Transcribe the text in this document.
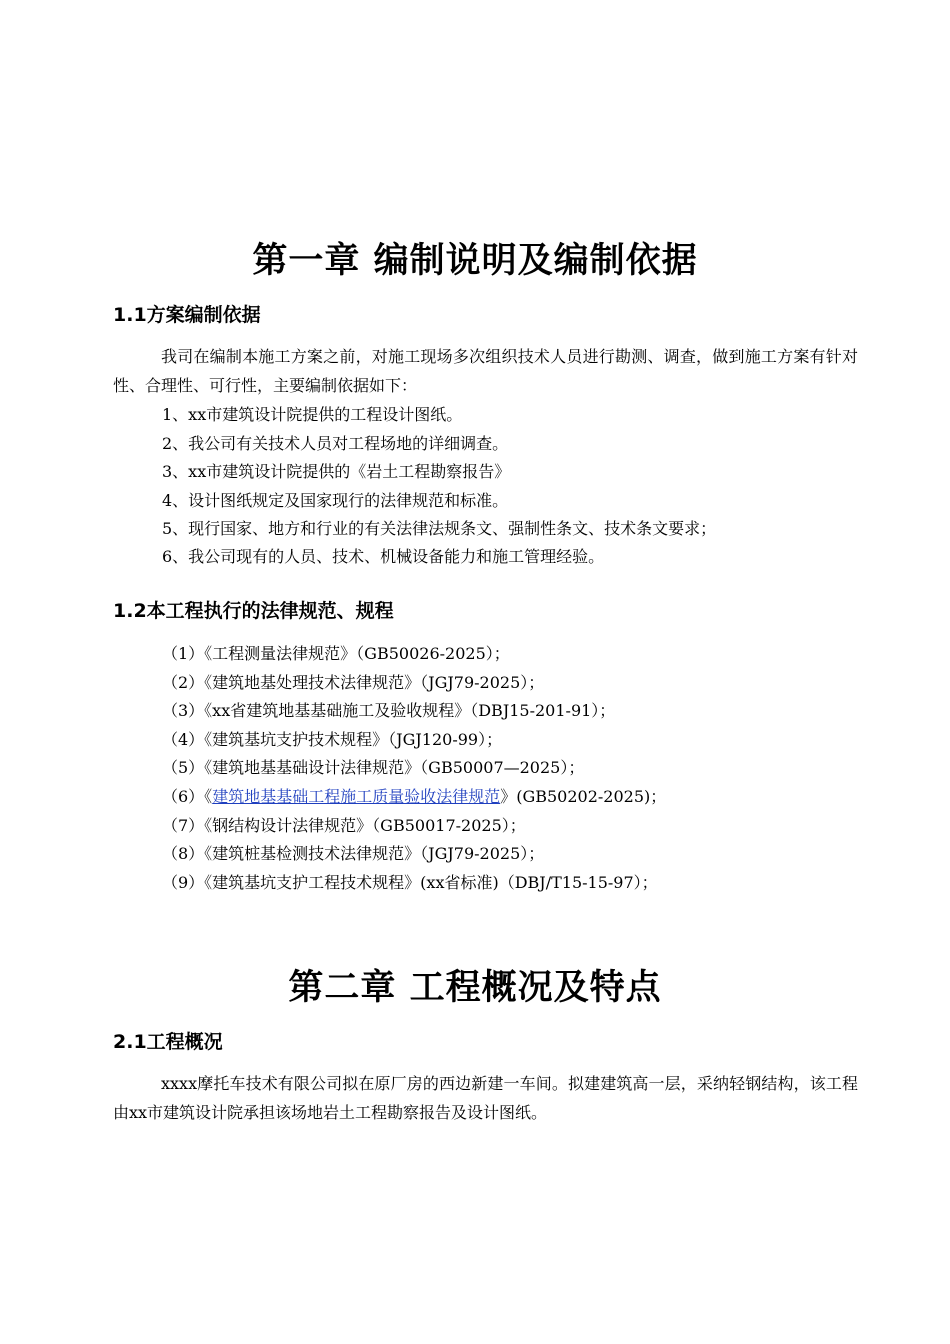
第一章 编制说明及编制依据
1.1方案编制依据

我司在编制本施工方案之前，对施工现场多次组织技术人员进行勘测、调查，做到施工方案有针对性、合理性、可行性，主要编制依据如下：

1、xx市建筑设计院提供的工程设计图纸。

2、我公司有关技术人员对工程场地的详细调查。

3、xx市建筑设计院提供的《岩土工程勘察报告》

4、设计图纸规定及国家现行的法律规范和标准。

5、现行国家、地方和行业的有关法律法规条文、强制性条文、技术条文要求；

6、我公司现有的人员、技术、机械设备能力和施工管理经验。

1.2本工程执行的法律规范、规程

（1）《工程测量法律规范》（GB50026-2025）；

（2）《建筑地基处理技术法律规范》（JGJ79-2025）；

（3）《xx省建筑地基基础施工及验收规程》（DBJ15-201-91）；

（4）《建筑基坑支护技术规程》（JGJ120-99）；

（5）《建筑地基基础设计法律规范》（GB50007—2025）；

（6）《建筑地基基础工程施工质量验收法律规范》(GB50202-2025)；

（7）《钢结构设计法律规范》（GB50017-2025）；

（8）《建筑桩基检测技术法律规范》（JGJ79-2025）；

（9）《建筑基坑支护工程技术规程》(xx省标准)（DBJ/T15-15-97）；

第二章 工程概况及特点
2.1工程概况

xxxx摩托车技术有限公司拟在原厂房的西边新建一车间。拟建建筑高一层，采纳轻钢结构，该工程由xx市建筑设计院承担该场地岩土工程勘察报告及设计图纸。
